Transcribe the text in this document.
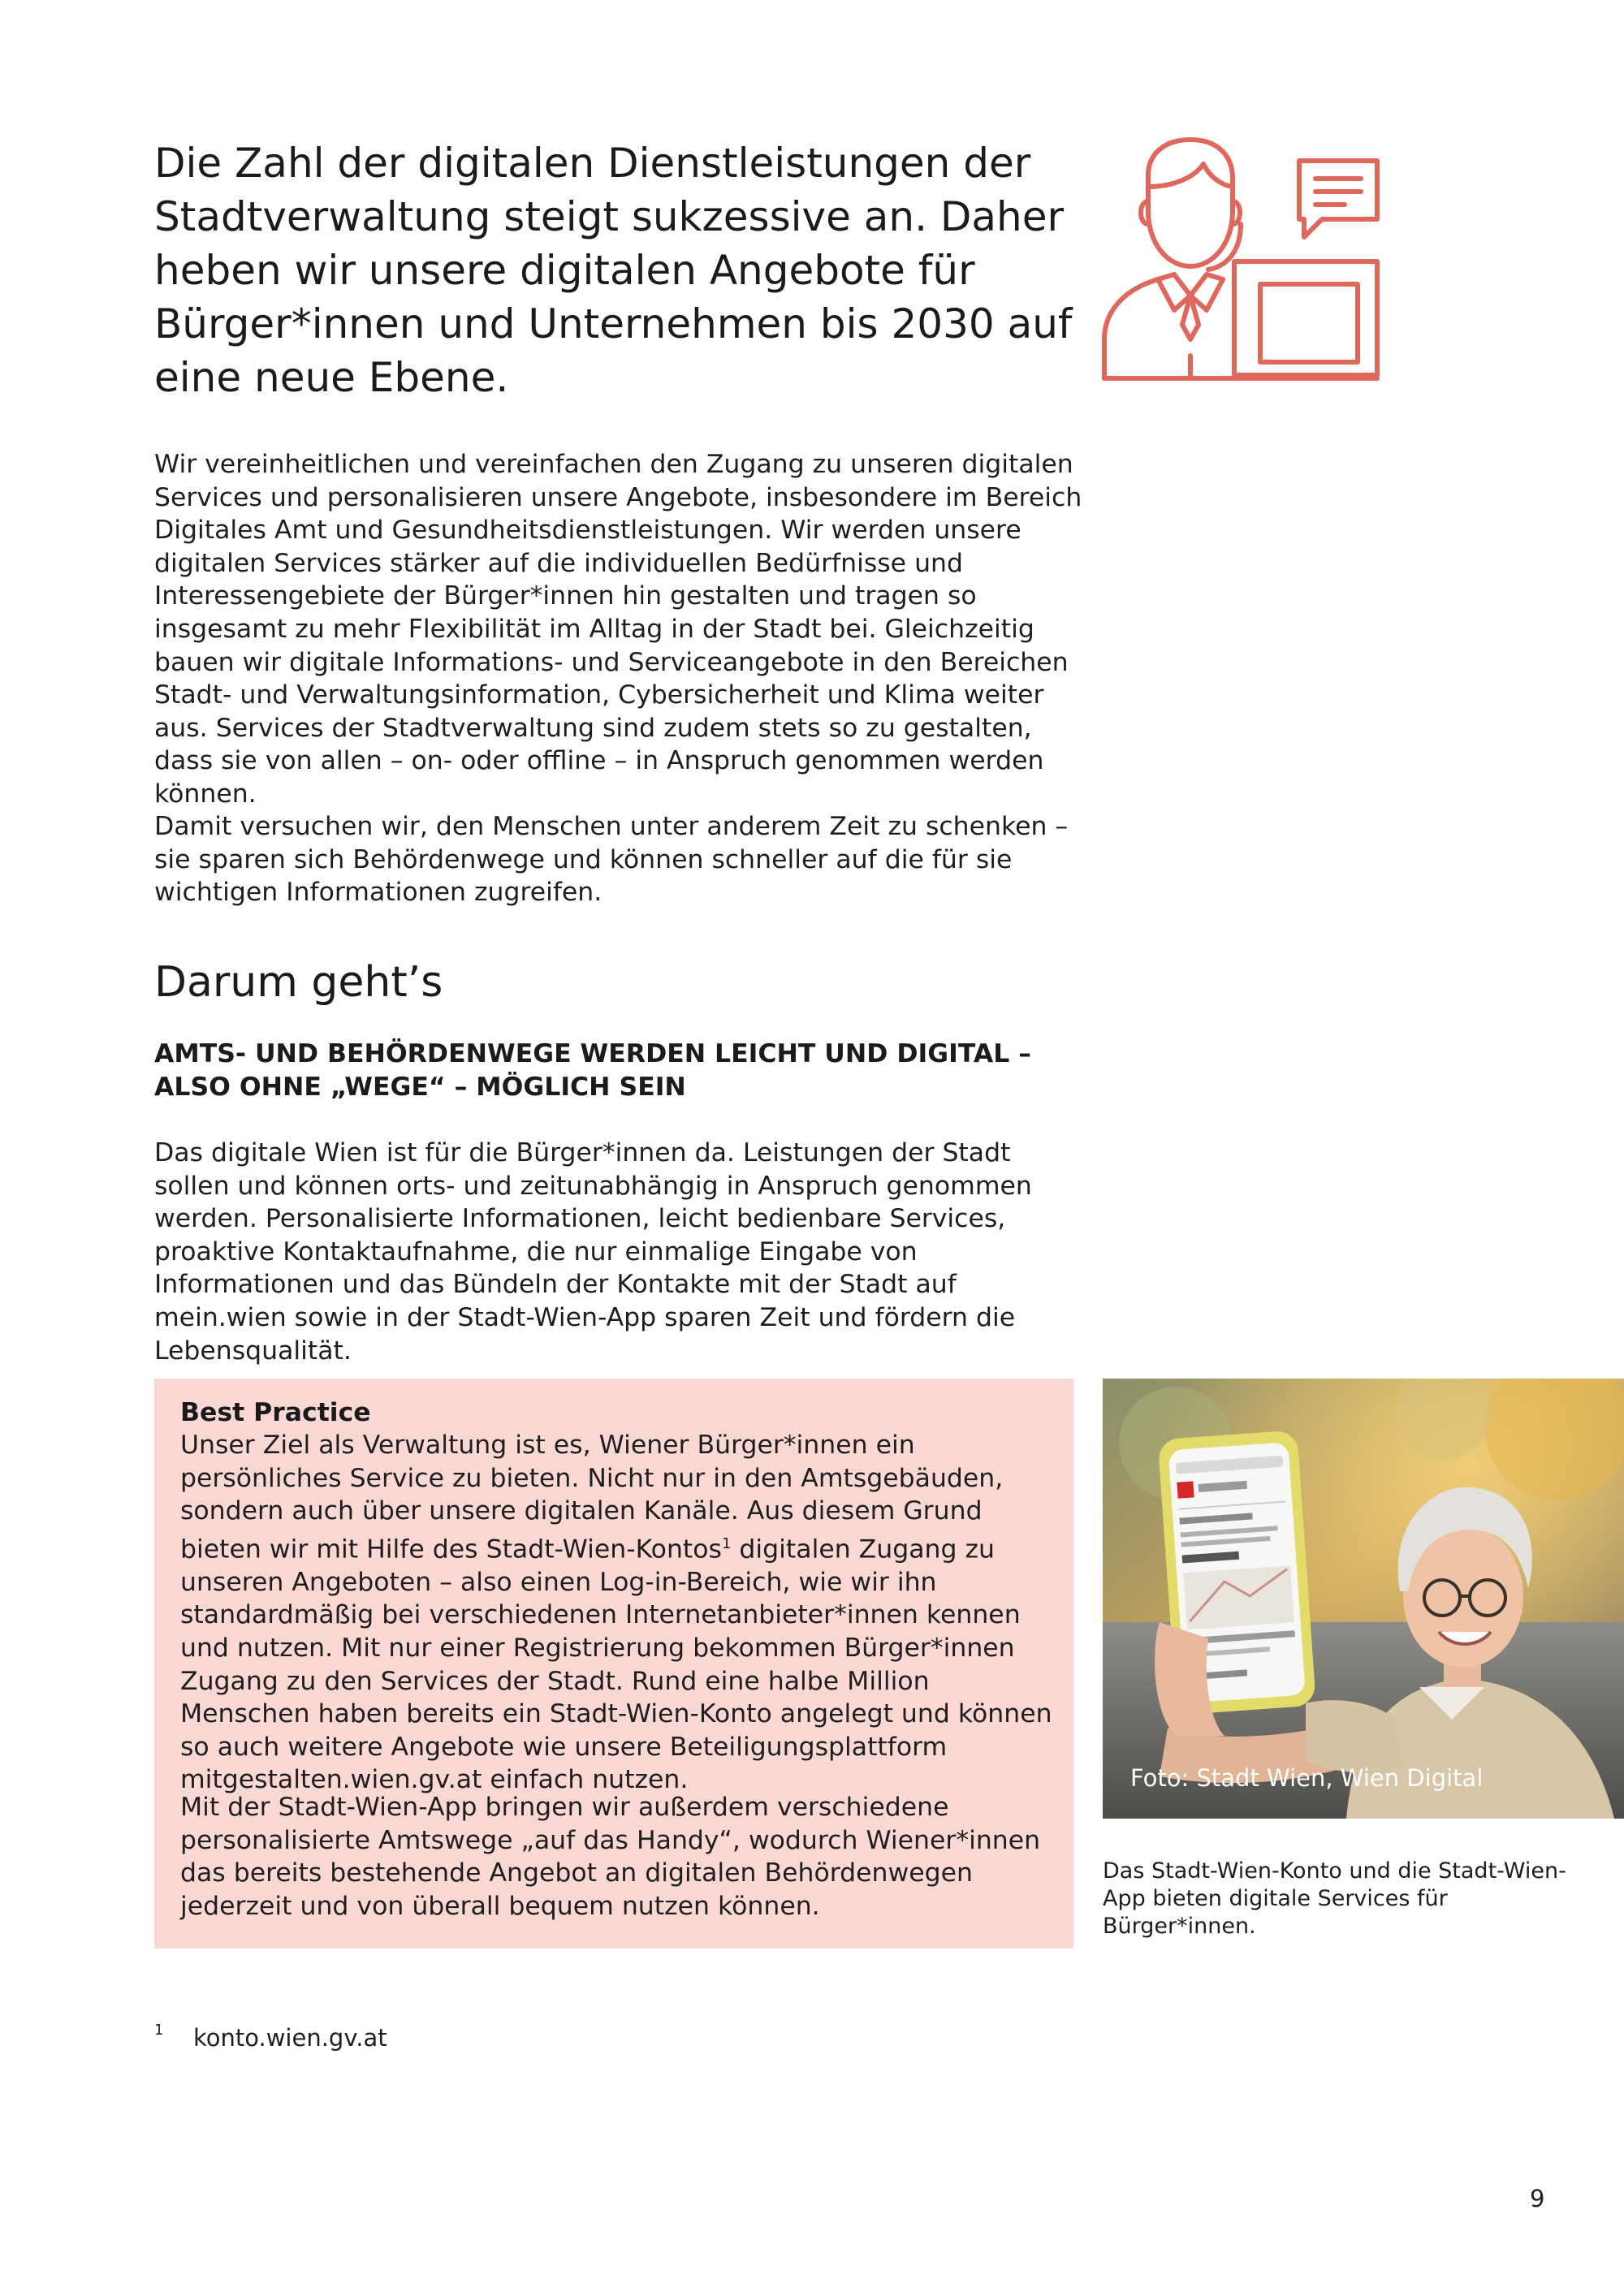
Die Zahl der digitalen Dienstleistungen der Stadtverwaltung steigt sukzessive an. Daher heben wir unsere digitalen Angebote für Bürger*innen und Unternehmen bis 2030 auf eine neue Ebene.

Wir vereinheitlichen und vereinfachen den Zugang zu unseren digitalen Services und personalisieren unsere Angebote, insbesondere im Bereich Digitales Amt und Gesundheitsdienstleistungen. Wir werden unsere digitalen Services stärker auf die individuellen Bedürfnisse und Interessengebiete der Bürger*innen hin gestalten und tragen so insgesamt zu mehr Flexibilität im Alltag in der Stadt bei. Gleichzeitig bauen wir digitale Informations- und Serviceangebote in den Bereichen Stadt- und Verwaltungsinformation, Cybersicherheit und Klima weiter aus. Services der Stadtverwaltung sind zudem stets so zu gestalten, dass sie von allen – on- oder offline – in Anspruch genommen werden können.

Damit versuchen wir, den Menschen unter anderem Zeit zu schenken – sie sparen sich Behördenwege und können schneller auf die für sie wichtigen Informationen zugreifen.

Darum geht’s
AMTS- UND BEHÖRDENWEGE WERDEN LEICHT UND DIGITAL – ALSO OHNE „WEGE“ – MÖGLICH SEIN

Das digitale Wien ist für die Bürger*innen da. Leistungen der Stadt sollen und können orts- und zeitunabhängig in Anspruch genommen werden. Personalisierte Informationen, leicht bedienbare Services, proaktive Kontaktaufnahme, die nur einmalige Eingabe von Informationen und das Bündeln der Kontakte mit der Stadt auf mein.wien sowie in der Stadt-Wien-App sparen Zeit und fördern die Lebensqualität.

Best Practice

Unser Ziel als Verwaltung ist es, Wiener Bürger*innen ein persönliches Service zu bieten. Nicht nur in den Amtsgebäuden, sondern auch über unsere digitalen Kanäle. Aus diesem Grund bieten wir mit Hilfe des Stadt-Wien-Kontos$^1$ digitalen Zugang zu unseren Angeboten – also einen Log-in-Bereich, wie wir ihn standardmäßig bei verschiedenen Internetanbieter*innen kennen und nutzen. Mit nur einer Registrierung bekommen Bürger*innen Zugang zu den Services der Stadt. Rund eine halbe Million Menschen haben bereits ein Stadt-Wien-Konto angelegt und können so auch weitere Angebote wie unsere Beteiligungsplattform mitgestalten.wien.gv.at einfach nutzen.

Mit der Stadt-Wien-App bringen wir außerdem verschiedene personalisierte Amtswege „auf das Handy“, wodurch Wiener*innen das bereits bestehende Angebot an digitalen Behördenwegen jederzeit und von überall bequem nutzen können.

Foto: Stadt Wien, Wien Digital

Das Stadt-Wien-Konto und die Stadt-Wien-App bieten digitale Services für Bürger*innen.

1 konto.wien.gv.at
9
